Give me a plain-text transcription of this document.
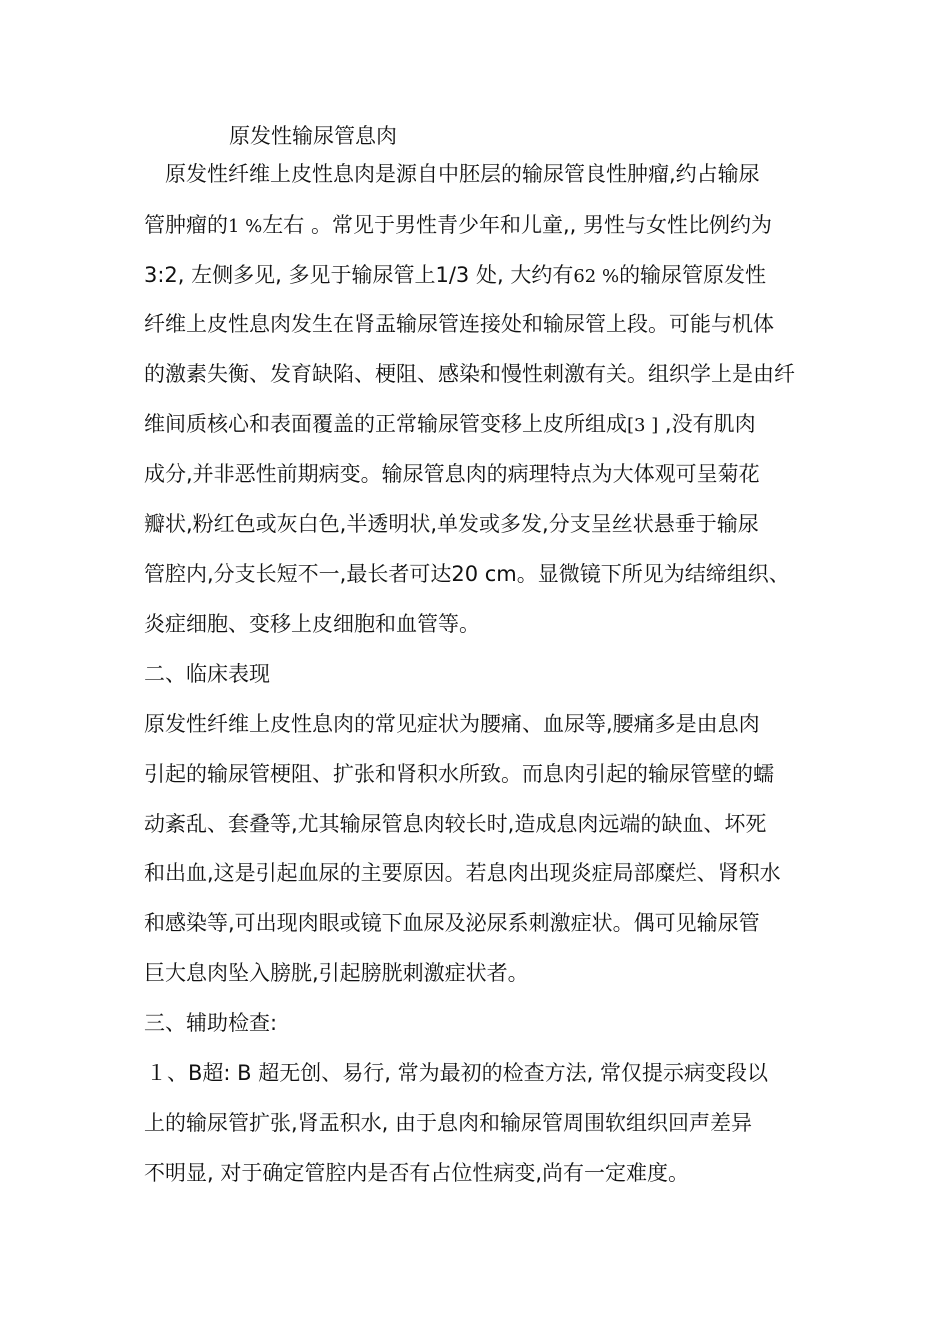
原发性输尿管息肉
原发性纤维上皮性息肉是源自中胚层的输尿管良性肿瘤,约占输尿
管肿瘤的1 %左右 。常见于男性青少年和儿童,, 男性与女性比例约为
3:2, 左侧多见, 多见于输尿管上1/3 处, 大约有62 %的输尿管原发性
纤维上皮性息肉发生在肾盂输尿管连接处和输尿管上段。可能与机体
的激素失衡、发育缺陷、梗阻、感染和慢性刺激有关。组织学上是由纤
维间质核心和表面覆盖的正常输尿管变移上皮所组成[3 ] ,没有肌肉
成分,并非恶性前期病变。输尿管息肉的病理特点为大体观可呈菊花
瓣状,粉红色或灰白色,半透明状,单发或多发,分支呈丝状悬垂于输尿
管腔内,分支长短不一,最长者可达20 cm。显微镜下所见为结缔组织、
炎症细胞、变移上皮细胞和血管等。
二、临床表现
原发性纤维上皮性息肉的常见症状为腰痛、血尿等,腰痛多是由息肉
引起的输尿管梗阻、扩张和肾积水所致。而息肉引起的输尿管壁的蠕
动紊乱、套叠等,尤其输尿管息肉较长时,造成息肉远端的缺血、坏死
和出血,这是引起血尿的主要原因。若息肉出现炎症局部糜烂、肾积水
和感染等,可出现肉眼或镜下血尿及泌尿系刺激症状。偶可见输尿管
巨大息肉坠入膀胱,引起膀胱刺激症状者。
三、辅助检查:
１、B超: B 超无创、易行, 常为最初的检查方法, 常仅提示病变段以
上的输尿管扩张,肾盂积水, 由于息肉和输尿管周围软组织回声差异
不明显, 对于确定管腔内是否有占位性病变,尚有一定难度。
